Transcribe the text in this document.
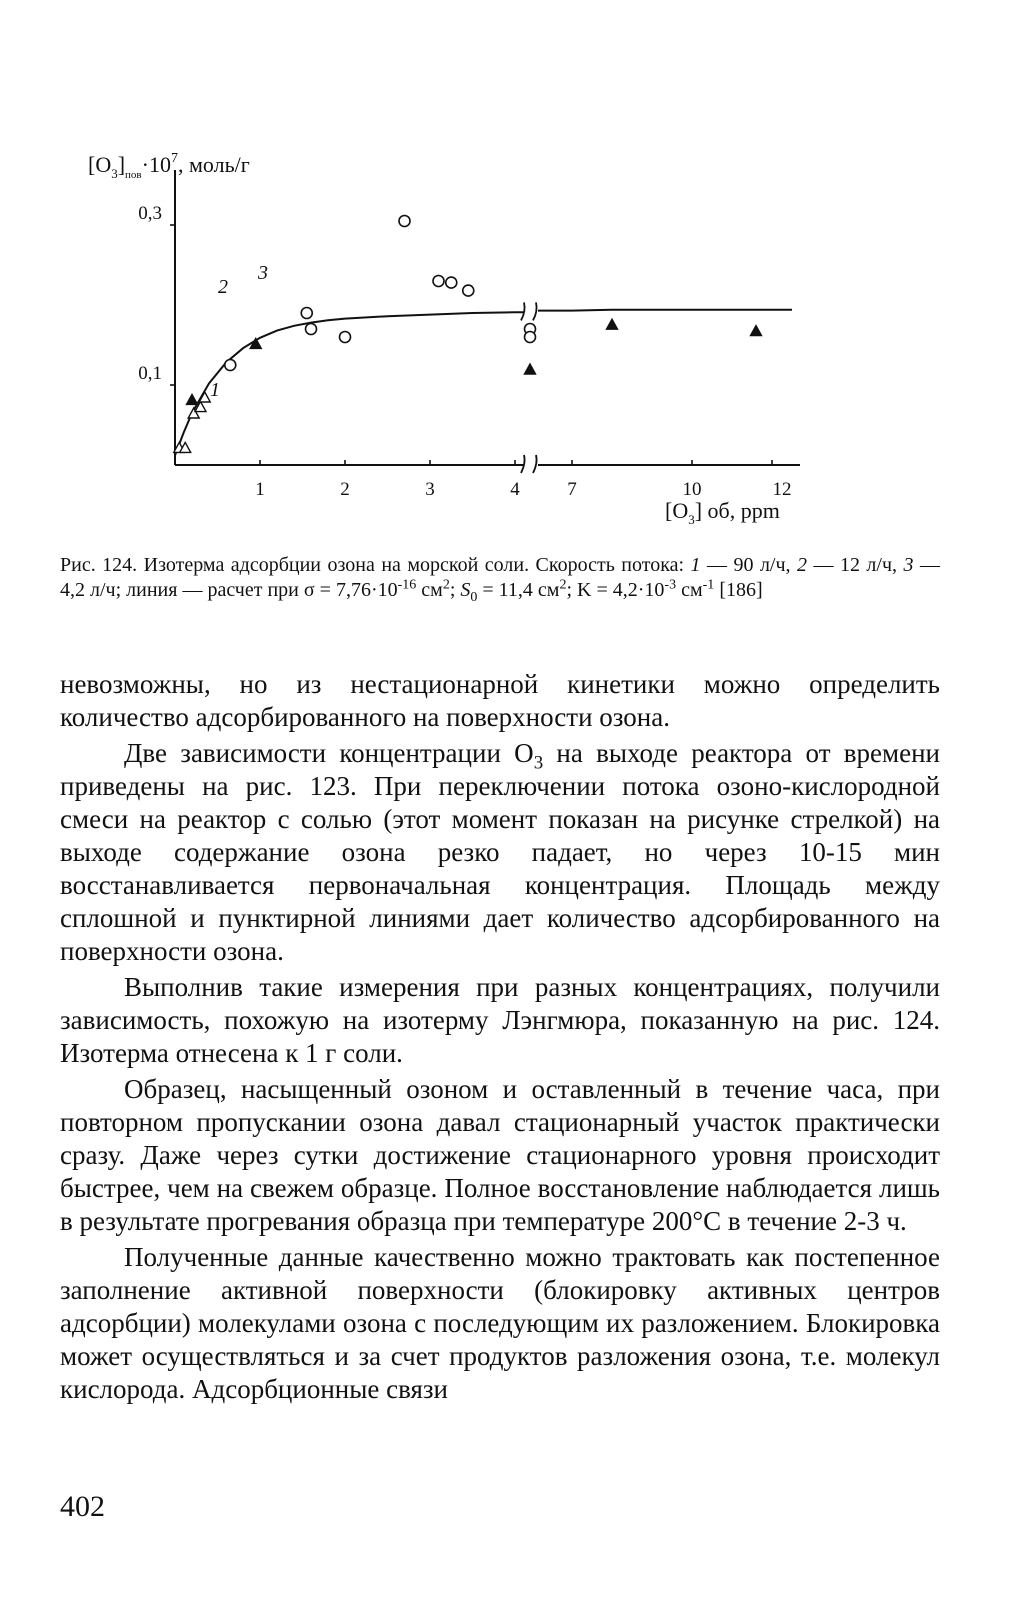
$[O_3]_{пов}\cdot 10^7$, моль/г
0,1
0,3
1	2	3	4	7	10	12
$[O_3]$ об, ppm
1
2
3
Рис. 124. Изотерма адсорбции озона на морской соли. Скорость потока: 1 — 90 л/ч, 2 — 12 л/ч, 3 — 4,2 л/ч; линия — расчет при $\sigma = 7,76\cdot 10^{-16}$ $см^2$; $S_0 = 11,4$ $см^2$; $K = 4,2\cdot 10^{-3}$ $см^{-1}$ [186]

невозможны, но из нестационарной кинетики можно определить количество адсорбированного на поверхности озона.

Две зависимости концентрации $O_3$ на выходе реактора от времени приведены на рис. 123. При переключении потока озоно-кислородной смеси на реактор с солью (этот момент показан на рисунке стрелкой) на выходе содержание озона резко падает, но через 10-15 мин восстанавливается первоначальная концентрация. Площадь между сплошной и пунктирной линиями дает количество адсорбированного на поверхности озона.

Выполнив такие измерения при разных концентрациях, получили зависимость, похожую на изотерму Лэнгмюра, показанную на рис. 124. Изотерма отнесена к 1 г соли.

Образец, насыщенный озоном и оставленный в течение часа, при повторном пропускании озона давал стационарный участок практически сразу. Даже через сутки достижение стационарного уровня происходит быстрее, чем на свежем образце. Полное восстановление наблюдается лишь в результате прогревания образца при температуре 200°C в течение 2-3 ч.

Полученные данные качественно можно трактовать как постепенное заполнение активной поверхности (блокировку активных центров адсорбции) молекулами озона с последующим их разложением. Блокировка может осуществляться и за счет продуктов разложения озона, т.е. молекул кислорода. Адсорбционные связи

402
